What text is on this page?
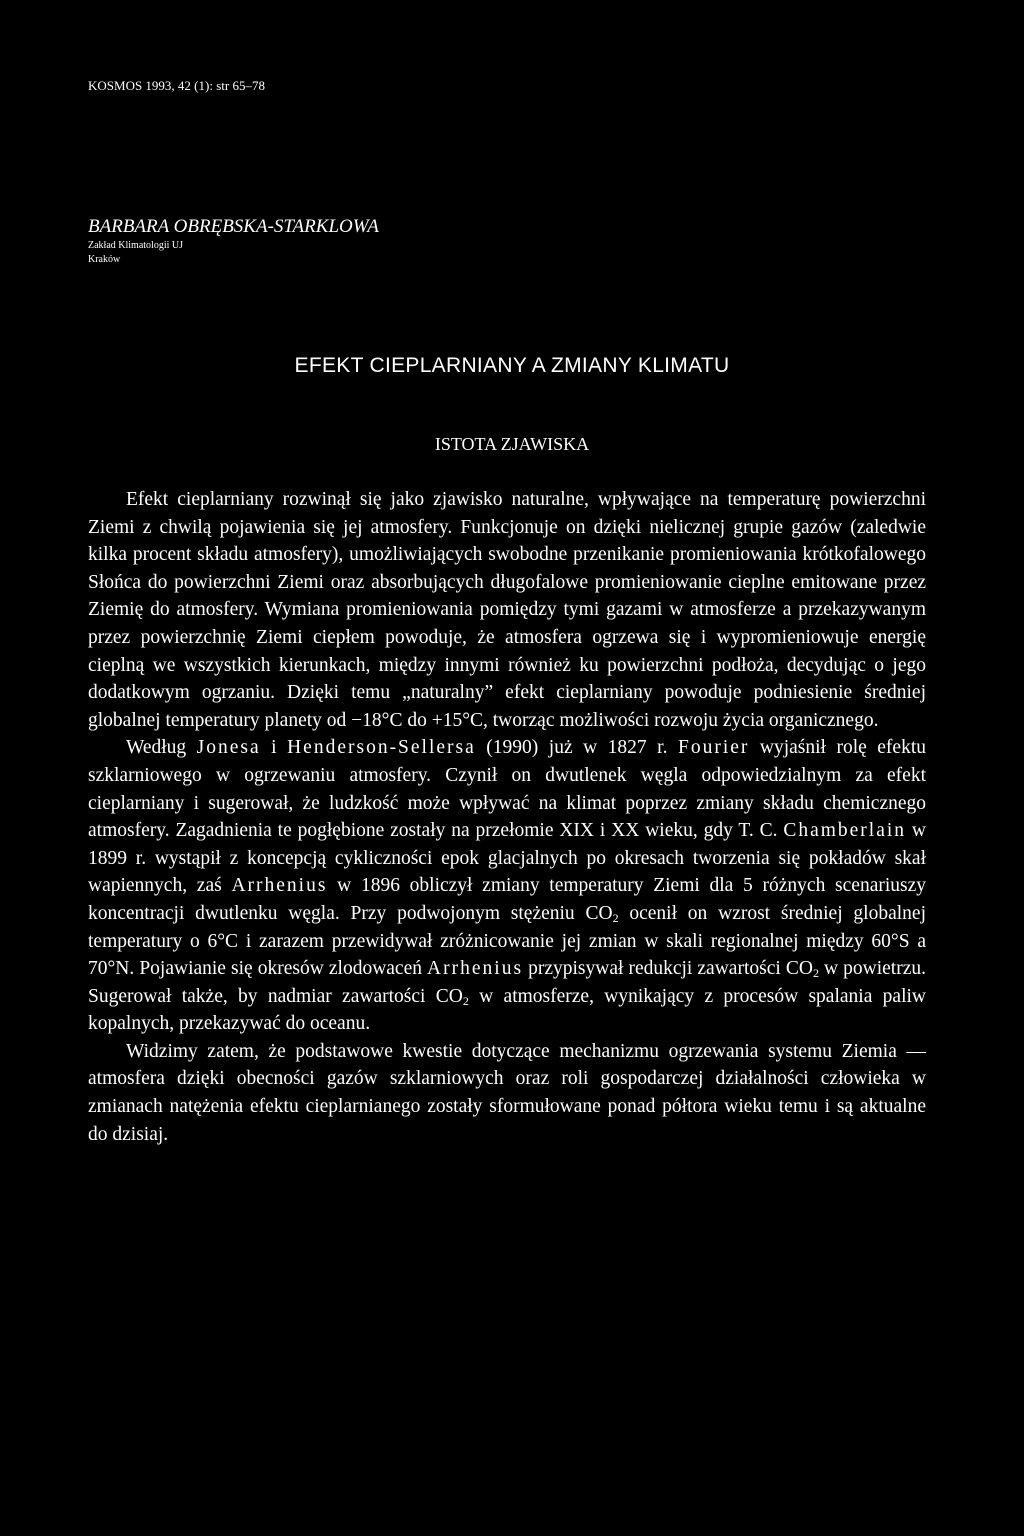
KOSMOS 1993, 42 (1): str 65–78
BARBARA OBRĘBSKA-STARKLOWA
Zakład Klimatologii UJ
Kraków
EFEKT CIEPLARNIANY A ZMIANY KLIMATU
ISTOTA ZJAWISKA

Efekt cieplarniany rozwinął się jako zjawisko naturalne, wpływające na temperaturę powierzchni Ziemi z chwilą pojawienia się jej atmosfery. Funkcjonuje on dzięki nielicznej grupie gazów (zaledwie kilka procent składu atmosfery), umożliwiających swobodne przenikanie promieniowania krótkofalowego Słońca do powierzchni Ziemi oraz absorbujących długofalowe promieniowanie cieplne emitowane przez Ziemię do atmosfery. Wymiana promieniowania pomiędzy tymi gazami w atmosferze a przekazywanym przez powierzchnię Ziemi ciepłem powoduje, że atmosfera ogrzewa się i wypromieniowuje energię cieplną we wszystkich kierunkach, między innymi również ku powierzchni podłoża, decydując o jego dodatkowym ogrzaniu. Dzięki temu „naturalny” efekt cieplarniany powoduje podniesienie średniej globalnej temperatury planety od −18°C do +15°C, tworząc możliwości rozwoju życia organicznego.

Według Jonesa i Henderson-Sellersa (1990) już w 1827 r. Fourier wyjaśnił rolę efektu szklarniowego w ogrzewaniu atmosfery. Czynił on dwutlenek węgla odpowiedzialnym za efekt cieplarniany i sugerował, że ludzkość może wpływać na klimat poprzez zmiany składu chemicznego atmosfery. Zagadnienia te pogłębione zostały na przełomie XIX i XX wieku, gdy T. C. Chamberlain w 1899 r. wystąpił z koncepcją cykliczności epok glacjalnych po okresach tworzenia się pokładów skał wapiennych, zaś Arrhenius w 1896 obliczył zmiany temperatury Ziemi dla 5 różnych scenariuszy koncentracji dwutlenku węgla. Przy podwojonym stężeniu $CO_2$ ocenił on wzrost średniej globalnej temperatury o 6°C i zarazem przewidywał zróżnicowanie jej zmian w skali regionalnej między 60°S a 70°N. Pojawianie się okresów zlodowaceń Arrhenius przypisywał redukcji zawartości $CO_2$ w powietrzu. Sugerował także, by nadmiar zawartości $CO_2$ w atmosferze, wynikający z procesów spalania paliw kopalnych, przekazywać do oceanu.

Widzimy zatem, że podstawowe kwestie dotyczące mechanizmu ogrzewania systemu Ziemia — atmosfera dzięki obecności gazów szklarniowych oraz roli gospodarczej działalności człowieka w zmianach natężenia efektu cieplarnianego zostały sformułowane ponad półtora wieku temu i są aktualne do dzisiaj.
